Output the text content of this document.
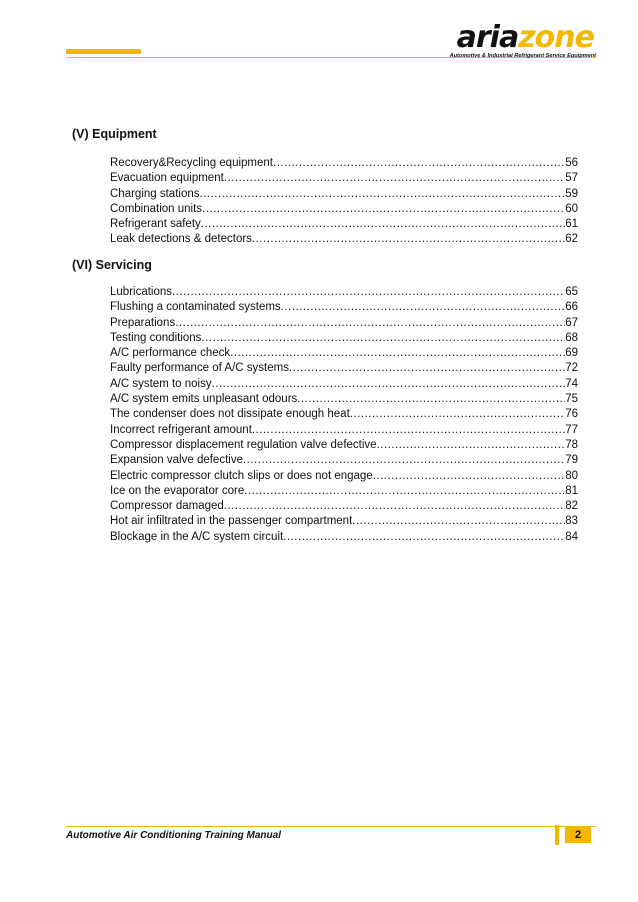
ariazone
Automotive & Industrial Refrigerant Service Equipment
(V) Equipment
Recovery&Recycling equipment .....	56
Evacuation equipment .....	57
Charging stations .....	59
Combination units .....	60
Refrigerant safety .....	61
Leak detections & detectors .....	62
(VI) Servicing
Lubrications .....	65
Flushing a contaminated systems .....	66
Preparations .....	67
Testing conditions .....	68
A/C performance check .....	69
Faulty performance of A/C systems .....	72
A/C system to noisy .....	74
A/C system emits unpleasant odours .....	75
The condenser does not dissipate enough heat .....	76
Incorrect refrigerant amount .....	77
Compressor displacement regulation valve defective .....	78
Expansion valve defective .....	79
Electric compressor clutch slips or does not engage .....	80
Ice on the evaporator core .....	81
Compressor damaged .....	82
Hot air infiltrated in the passenger compartment .....	83
Blockage in the A/C system circuit .....	84
Automotive Air Conditioning Training Manual	2
